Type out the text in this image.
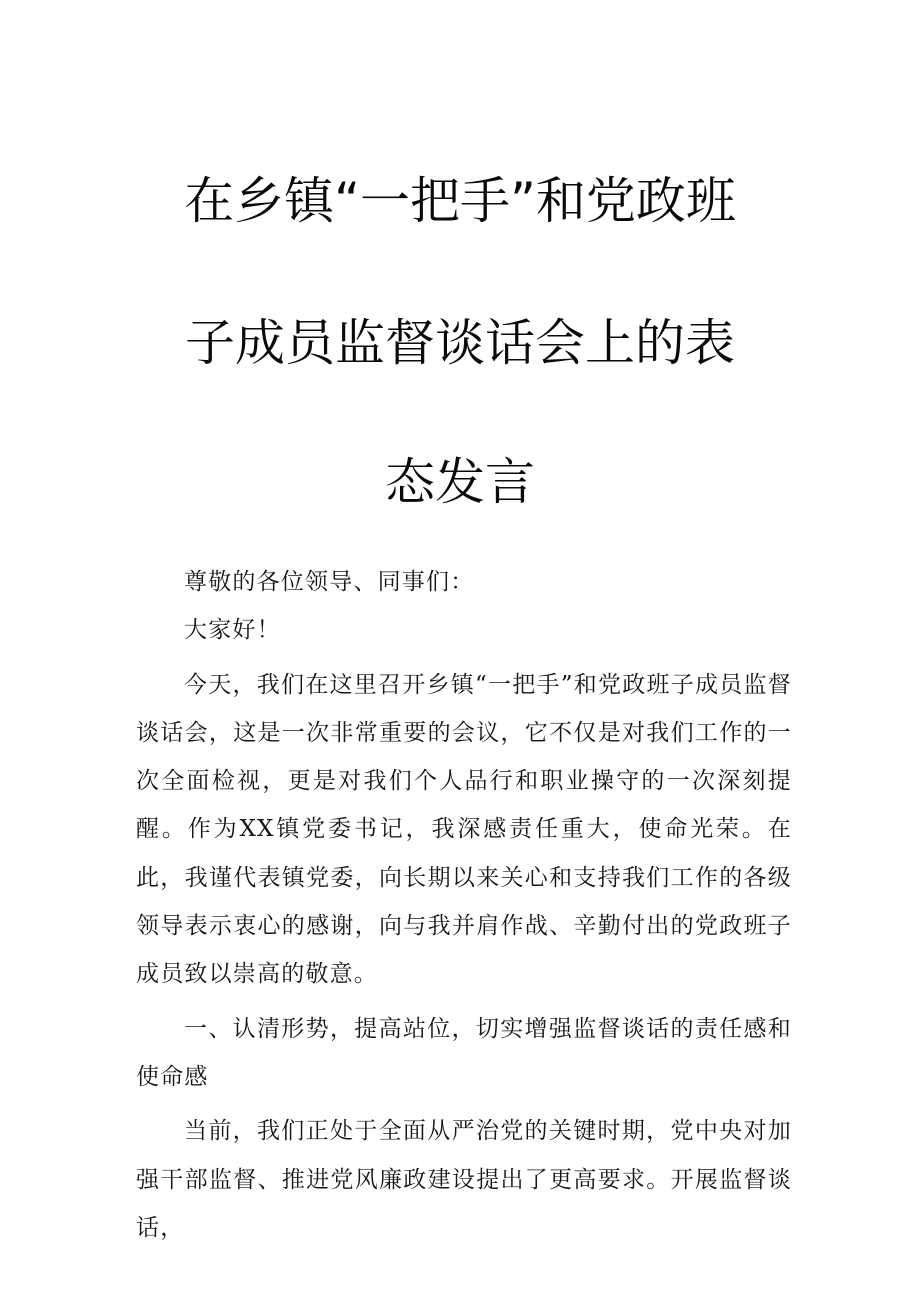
在乡镇“一把手”和党政班
子成员监督谈话会上的表
态发言

尊敬的各位领导、同事们：

大家好！

今天，我们在这里召开乡镇“一把手”和党政班子成员监督谈话会，这是一次非常重要的会议，它不仅是对我们工作的一次全面检视，更是对我们个人品行和职业操守的一次深刻提醒。作为XX镇党委书记，我深感责任重大，使命光荣。在此，我谨代表镇党委，向长期以来关心和支持我们工作的各级领导表示衷心的感谢，向与我并肩作战、辛勤付出的党政班子成员致以崇高的敬意。

一、认清形势，提高站位，切实增强监督谈话的责任感和使命感

当前，我们正处于全面从严治党的关键时期，党中央对加强干部监督、推进党风廉政建设提出了更高要求。开展监督谈话，
